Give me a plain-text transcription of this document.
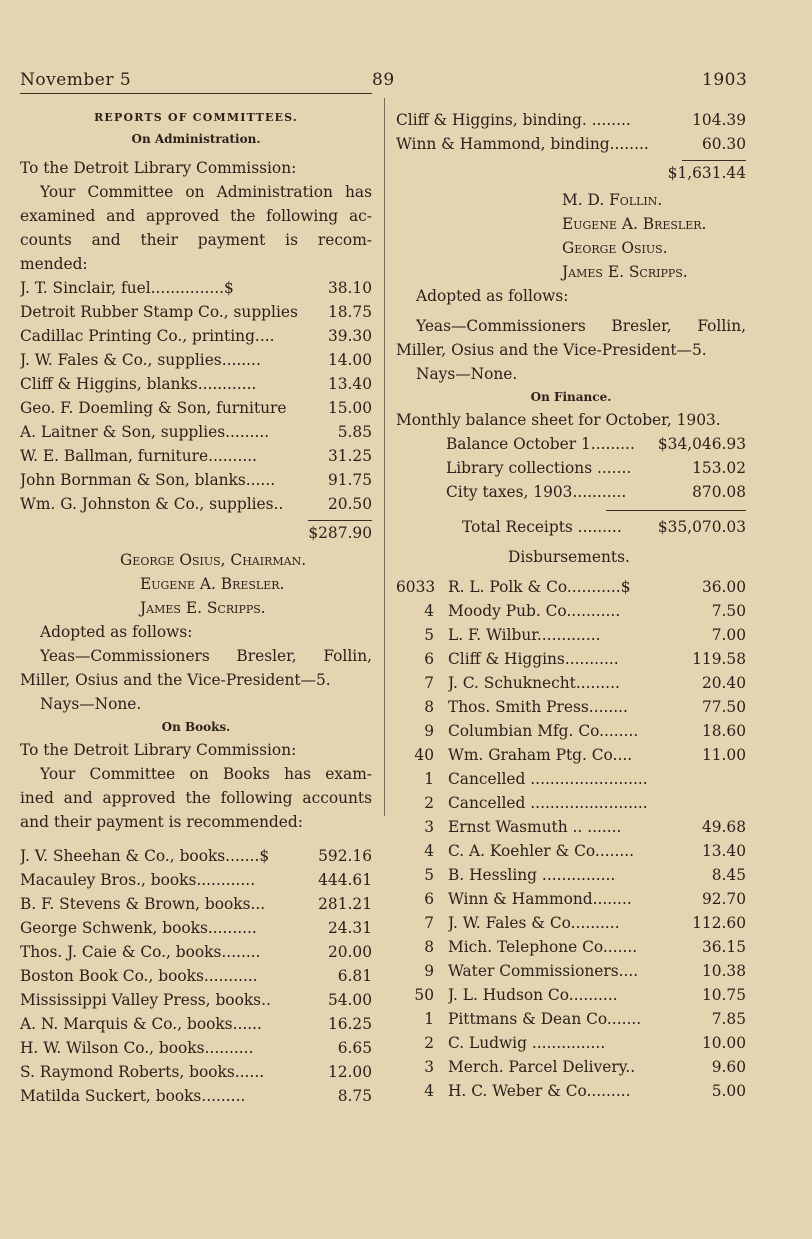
November 5	89	1903
REPORTS OF COMMITTEES.
On Administration.
To the Detroit Library Commission:
Your Committee on Administration has
examined and approved the following ac-
counts and their payment is recom-
mended:
J. T. Sinclair, fuel...............$	38.10
Detroit Rubber Stamp Co., supplies	18.75
Cadillac Printing Co., printing....	39.30
J. W. Fales & Co., supplies........	14.00
Cliff & Higgins, blanks............	13.40
Geo. F. Doemling & Son, furniture	15.00
A. Laitner & Son, supplies.........	5.85
W. E. Ballman, furniture..........	31.25
John Bornman & Son, blanks......	91.75
Wm. G. Johnston & Co., supplies..	20.50
$287.90
George Osius, Chairman.
Eugene A. Bresler.
James E. Scripps.
Adopted as follows:
Yeas—Commissioners Bresler, Follin,
Miller, Osius and the Vice-President—5.
Nays—None.
On Books.
To the Detroit Library Commission:
Your Committee on Books has exam-
ined and approved the following accounts
and their payment is recommended:
J. V. Sheehan & Co., books.......$	592.16
Macauley Bros., books............	444.61
B. F. Stevens & Brown, books...	281.21
George Schwenk, books..........	24.31
Thos. J. Caie & Co., books........	20.00
Boston Book Co., books...........	6.81
Mississippi Valley Press, books..	54.00
A. N. Marquis & Co., books......	16.25
H. W. Wilson Co., books..........	6.65
S. Raymond Roberts, books......	12.00
Matilda Suckert, books.........	8.75
Cliff & Higgins, binding. ........	104.39
Winn & Hammond, binding........	60.30
$1,631.44
M. D. Follin.
Eugene A. Bresler.
George Osius.
James E. Scripps.
Adopted as follows:
Yeas—Commissioners Bresler, Follin,
Miller, Osius and the Vice-President—5.
Nays—None.
On Finance.
Monthly balance sheet for October, 1903.
Balance October 1.........	$34,046.93
Library collections .......	153.02
City taxes, 1903...........	870.08
Total Receipts .........	$35,070.03
Disbursements.
6033 R. L. Polk & Co...........$	36.00
4 Moody Pub. Co...........	7.50
5 L. F. Wilbur.............	7.00
6 Cliff & Higgins...........	119.58
7 J. C. Schuknecht.........	20.40
8 Thos. Smith Press........	77.50
9 Columbian Mfg. Co........	18.60
40 Wm. Graham Ptg. Co....	11.00
1 Cancelled ........................
2 Cancelled ........................
3 Ernst Wasmuth .. .......	49.68
4 C. A. Koehler & Co........	13.40
5 B. Hessling ...............	8.45
6 Winn & Hammond........	92.70
7 J. W. Fales & Co..........	112.60
8 Mich. Telephone Co.......	36.15
9 Water Commissioners....	10.38
50 J. L. Hudson Co..........	10.75
1 Pittmans & Dean Co.......	7.85
2 C. Ludwig ...............	10.00
3 Merch. Parcel Delivery..	9.60
4 H. C. Weber & Co.........	5.00
